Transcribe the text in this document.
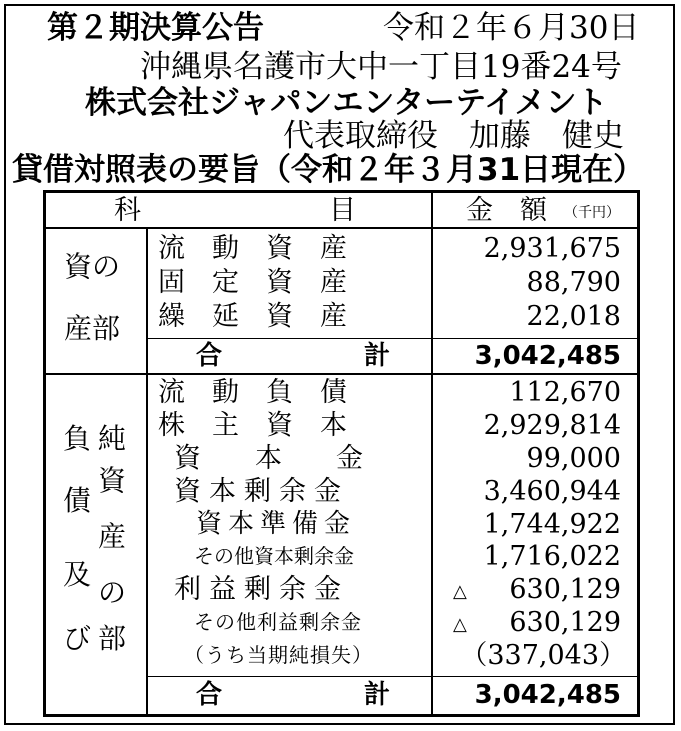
第２期決算公告	令和２年６月30日
沖縄県名護市大中一丁目19番24号
株式会社ジャパンエンターテイメント
代表取締役　加藤　健史
貸借対照表の要旨（令和２年３月31日現在）
科	目	金　額 （千円）
資の
産部
流　動　資　産	2,931,675
固　定　資　産	88,790
繰　延　資　産	22,018
合	計	3,042,485
負
債
及
び
純
資
産
の
部
流　動　負　債	112,670
株　主　資　本	2,929,814
資　　本　　金	99,000
資本剰余金	3,460,944
資本準備金	1,744,922
その他資本剰余金	1,716,022
利益剰余金	△	630,129
その他利益剰余金	△	630,129
（うち当期純損失）	（337,043）
合	計	3,042,485
